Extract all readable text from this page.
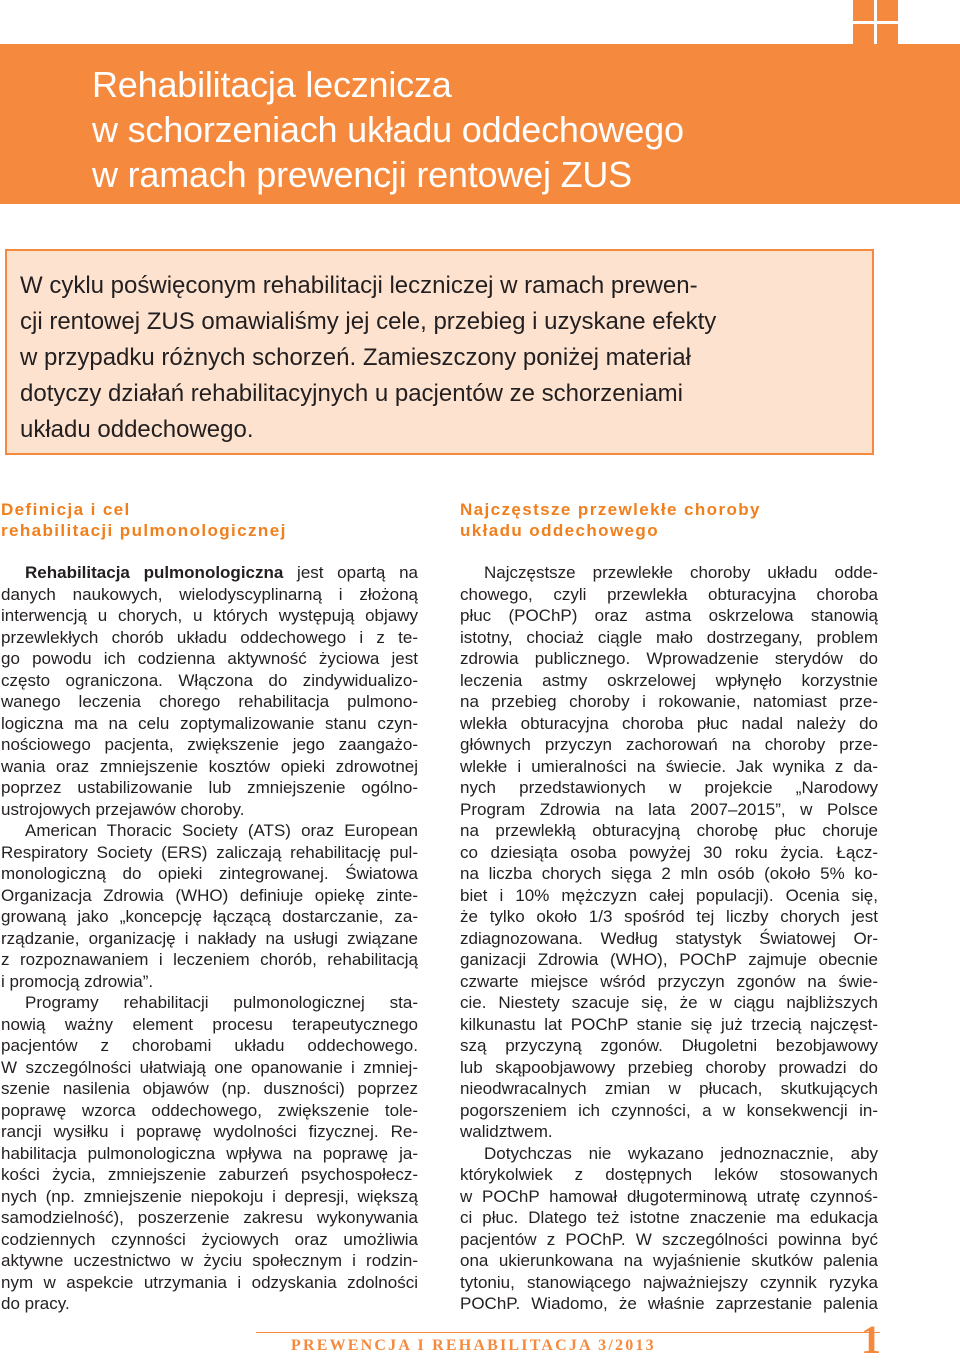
Rehabilitacja lecznicza
w schorzeniach układu oddechowego
w ramach prewencji rentowej ZUS
W cyklu poświęconym rehabilitacji leczniczej w ramach prewen-
cji rentowej ZUS omawialiśmy jej cele, przebieg i uzyskane efekty
w przypadku różnych schorzeń. Zamieszczony poniżej materiał
dotyczy działań rehabilitacyjnych u pacjentów ze schorzeniami
układu oddechowego.
Definicja i cel
rehabilitacji pulmonologicznej
Najczęstsze przewlekłe choroby
układu oddechowego
Rehabilitacja pulmonologiczna jest opartą na
danych naukowych, wielodyscyplinarną i złożoną
interwencją u chorych, u których występują objawy
przewlekłych chorób układu oddechowego i z te-
go powodu ich codzienna aktywność życiowa jest
często ograniczona. Włączona do zindywidualizo-
wanego leczenia chorego rehabilitacja pulmono-
logiczna ma na celu zoptymalizowanie stanu czyn-
nościowego pacjenta, zwiększenie jego zaangażo-
wania oraz zmniejszenie kosztów opieki zdrowotnej
poprzez ustabilizowanie lub zmniejszenie ogólno-
ustrojowych przejawów choroby.
American Thoracic Society (ATS) oraz European
Respiratory Society (ERS) zaliczają rehabilitację pul-
monologiczną do opieki zintegrowanej. Światowa
Organizacja Zdrowia (WHO) definiuje opiekę zinte-
growaną jako „koncepcję łączącą dostarczanie, za-
rządzanie, organizację i nakłady na usługi związane
z rozpoznawaniem i leczeniem chorób, rehabilitacją
i promocją zdrowia”.
Programy rehabilitacji pulmonologicznej sta-
nowią ważny element procesu terapeutycznego
pacjentów z chorobami układu oddechowego.
W szczególności ułatwiają one opanowanie i zmniej-
szenie nasilenia objawów (np. duszności) poprzez
poprawę wzorca oddechowego, zwiększenie tole-
rancji wysiłku i poprawę wydolności fizycznej. Re-
habilitacja pulmonologiczna wpływa na poprawę ja-
kości życia, zmniejszenie zaburzeń psychospołecz-
nych (np. zmniejszenie niepokoju i depresji, większą
samodzielność), poszerzenie zakresu wykonywania
codziennych czynności życiowych oraz umożliwia
aktywne uczestnictwo w życiu społecznym i rodzin-
nym w aspekcie utrzymania i odzyskania zdolności
do pracy.
Najczęstsze przewlekłe choroby układu odde-
chowego, czyli przewlekła obturacyjna choroba
płuc (POChP) oraz astma oskrzelowa stanowią
istotny, chociaż ciągle mało dostrzegany, problem
zdrowia publicznego. Wprowadzenie sterydów do
leczenia astmy oskrzelowej wpłynęło korzystnie
na przebieg choroby i rokowanie, natomiast prze-
wlekła obturacyjna choroba płuc nadal należy do
głównych przyczyn zachorowań na choroby prze-
wlekłe i umieralności na świecie. Jak wynika z da-
nych przedstawionych w projekcie „Narodowy
Program Zdrowia na lata 2007–2015”, w Polsce
na przewlekłą obturacyjną chorobę płuc choruje
co dziesiąta osoba powyżej 30 roku życia. Łącz-
na liczba chorych sięga 2 mln osób (około 5% ko-
biet i 10% mężczyzn całej populacji). Ocenia się,
że tylko około 1/3 spośród tej liczby chorych jest
zdiagnozowana. Według statystyk Światowej Or-
ganizacji Zdrowia (WHO), POChP zajmuje obecnie
czwarte miejsce wśród przyczyn zgonów na świe-
cie. Niestety szacuje się, że w ciągu najbliższych
kilkunastu lat POChP stanie się już trzecią najczęst-
szą przyczyną zgonów. Długoletni bezobjawowy
lub skąpoobjawowy przebieg choroby prowadzi do
nieodwracalnych zmian w płucach, skutkujących
pogorszeniem ich czynności, a w konsekwencji in-
walidztwem.
Dotychczas nie wykazano jednoznacznie, aby
którykolwiek z dostępnych leków stosowanych
w POChP hamował długoterminową utratę czynnoś-
ci płuc. Dlatego też istotne znaczenie ma edukacja
pacjentów z POChP. W szczególności powinna być
ona ukierunkowana na wyjaśnienie skutków palenia
tytoniu, stanowiącego najważniejszy czynnik ryzyka
POChP. Wiadomo, że właśnie zaprzestanie palenia
PREWENCJA I REHABILITACJA 3/2013	1
